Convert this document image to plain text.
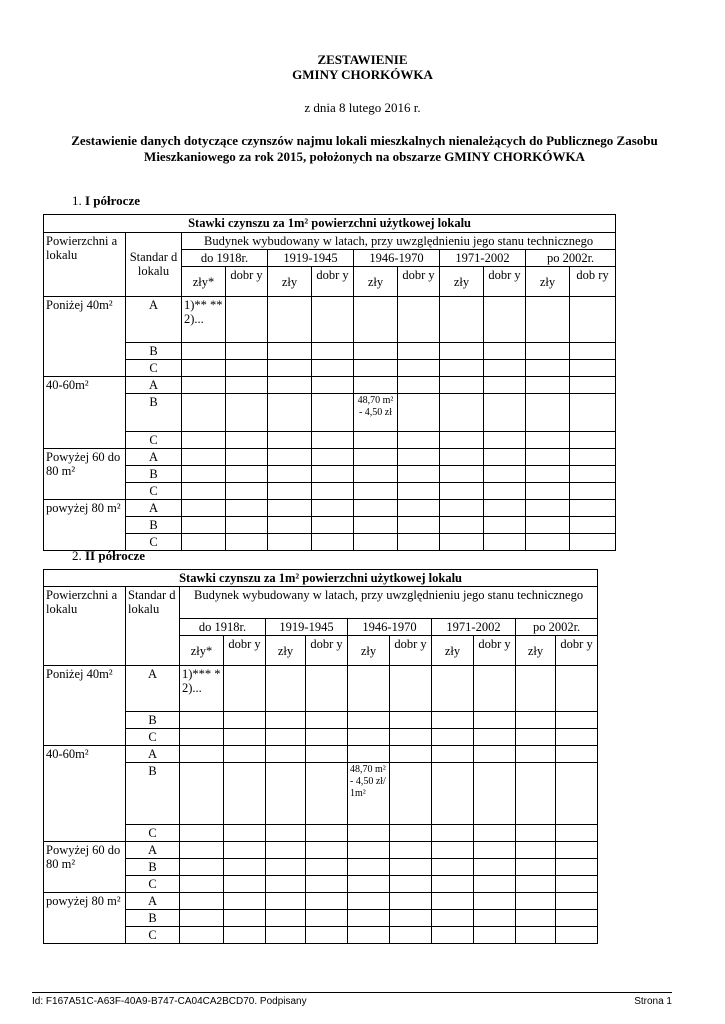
ZESTAWIENIE
GMINY CHORKÓWKA
z dnia 8 lutego 2016 r.
Zestawienie danych dotyczące czynszów najmu lokali mieszkalnych nienależących do Publicznego Zasobu Mieszkaniowego za rok 2015, położonych na obszarze GMINY CHORKÓWKA
1. I półrocze
Stawki czynszu za 1m² powierzchni użytkowej lokalu											
Powierzchni a lokalu	Standar d lokalu	Budynek wybudowany w latach, przy uwzględnieniu jego stanu technicznego									
		do 1918r.		1919-1945		1946-1970		1971-2002		po 2002r.	
		zły*	dobr y	zły	dobr y	zły	dobr y	zły	dobr y	zły	dob ry
Poniżej 40m²	A	1)** ** 2)...									
	B										
	C										
40-60m²	A										
	B					48,70 m² - 4,50 zł					
	C										
Powyżej 60 do 80 m²	A										
	B										
	C										
powyżej 80 m²	A										
	B										
	C										
2. II półrocze
Stawki czynszu za 1m² powierzchni użytkowej lokalu											
Powierzchni a lokalu	Standar d lokalu	Budynek wybudowany w latach, przy uwzględnieniu jego stanu technicznego									
		do 1918r.		1919-1945		1946-1970		1971-2002		po 2002r.	
		zły*	dobr y	zły	dobr y	zły	dobr y	zły	dobr y	zły	dobr y
Poniżej 40m²	A	1)*** * 2)...									
	B										
	C										
40-60m²	A										
	B					48,70 m² - 4,50 zł/ 1m²					
	C										
Powyżej 60 do 80 m²	A										
	B										
	C										
powyżej 80 m²	A										
	B										
	C										
Id: F167A51C-A63F-40A9-B747-CA04CA2BCD70. Podpisany	Strona 1
